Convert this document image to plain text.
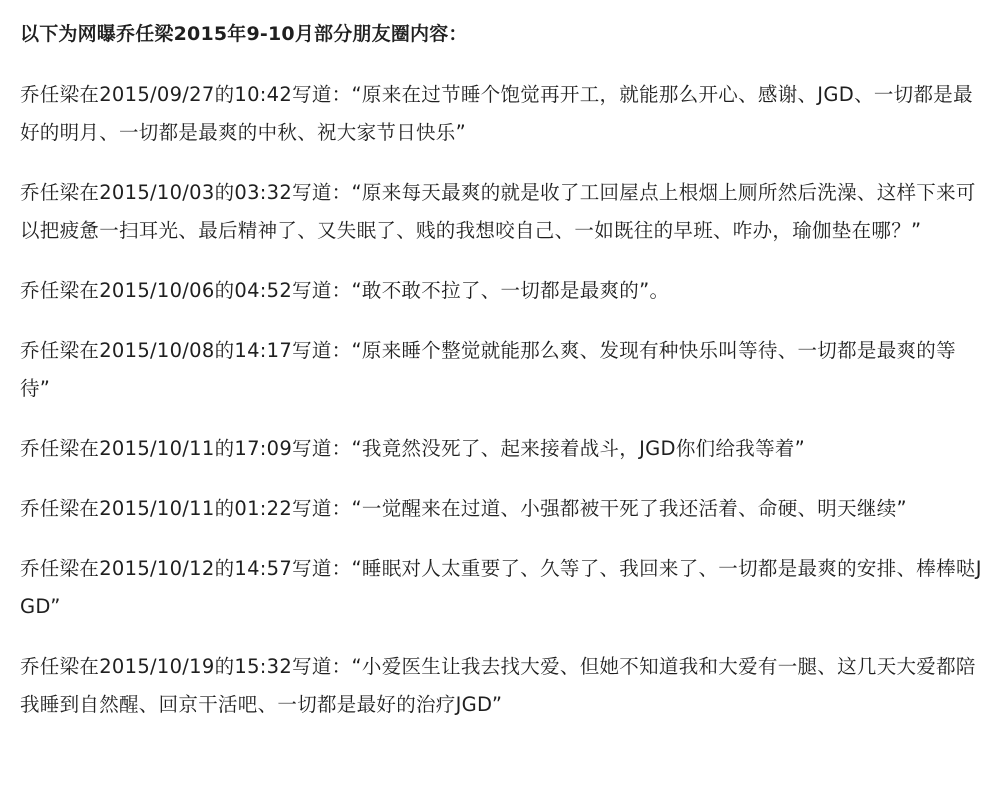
以下为网曝乔任梁2015年9-10月部分朋友圈内容：

乔任梁在2015/09/27的10:42写道：“原来在过节睡个饱觉再开工，就能那么开心、感谢、JGD、一切都是最好的明月、一切都是最爽的中秋、祝大家节日快乐”

乔任梁在2015/10/03的03:32写道：“原来每天最爽的就是收了工回屋点上根烟上厕所然后洗澡、这样下来可以把疲惫一扫耳光、最后精神了、又失眠了、贱的我想咬自己、一如既往的早班、咋办，瑜伽垫在哪？”

乔任梁在2015/10/06的04:52写道：“敢不敢不拉了、一切都是最爽的”。

乔任梁在2015/10/08的14:17写道：“原来睡个整觉就能那么爽、发现有种快乐叫等待、一切都是最爽的等待”

乔任梁在2015/10/11的17:09写道：“我竟然没死了、起来接着战斗，JGD你们给我等着”

乔任梁在2015/10/11的01:22写道：“一觉醒来在过道、小强都被干死了我还活着、命硬、明天继续”

乔任梁在2015/10/12的14:57写道：“睡眠对人太重要了、久等了、我回来了、一切都是最爽的安排、棒棒哒JGD”

乔任梁在2015/10/19的15:32写道：“小爱医生让我去找大爱、但她不知道我和大爱有一腿、这几天大爱都陪我睡到自然醒、回京干活吧、一切都是最好的治疗JGD”
